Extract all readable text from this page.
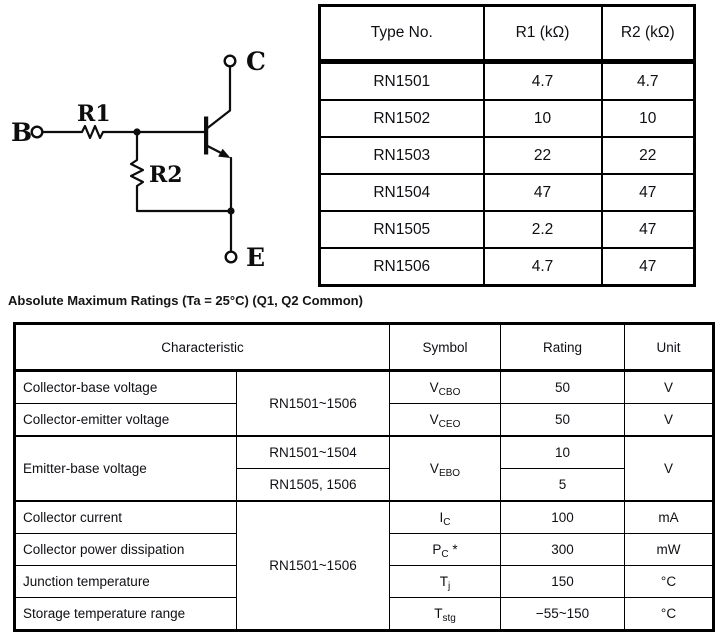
C
B
E
R1
R2
Type No.	R1 (kΩ)	R2 (kΩ)
RN1501	4.7	4.7
RN1502	10	10
RN1503	22	22
RN1504	47	47
RN1505	2.2	47
RN1506	4.7	47
Absolute Maximum Ratings (Ta = 25°C) (Q1, Q2 Common)
Characteristic		Symbol	Rating	Unit
Collector-base voltage	RN1501~1506	$V_{CBO}$	50	V
Collector-emitter voltage		$V_{CEO}$	50	V
Emitter-base voltage	RN1501~1504	$V_{EBO}$	10	V
	RN1505, 1506		5	
Collector current	RN1501~1506	$I_C$	100	mA
Collector power dissipation		$P_C$ *	300	mW
Junction temperature		$T_j$	150	°C
Storage temperature range		$T_{stg}$	−55~150	°C
